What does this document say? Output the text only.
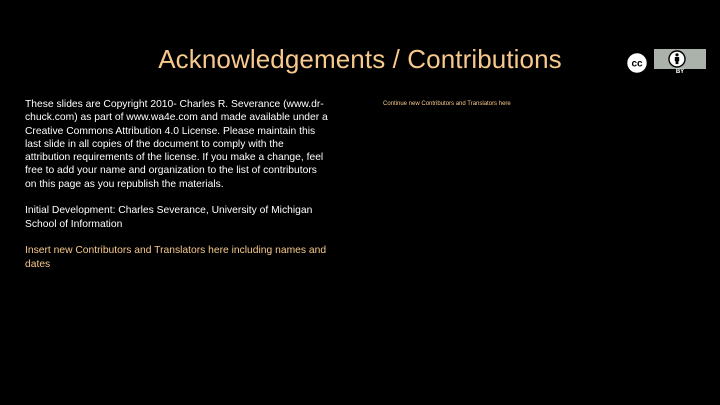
Acknowledgements / Contributions

These slides are Copyright 2010- Charles R. Severance (www.dr-chuck.com) as part of www.wa4e.com and made available under a Creative Commons Attribution 4.0 License. Please maintain this last slide in all copies of the document to comply with the attribution requirements of the license. If you make a change, feel free to add your name and organization to the list of contributors on this page as you republish the materials.

Initial Development: Charles Severance, University of Michigan School of Information

Insert new Contributors and Translators here including names and dates

Continue new Contributors and Translators here
cc
BY
